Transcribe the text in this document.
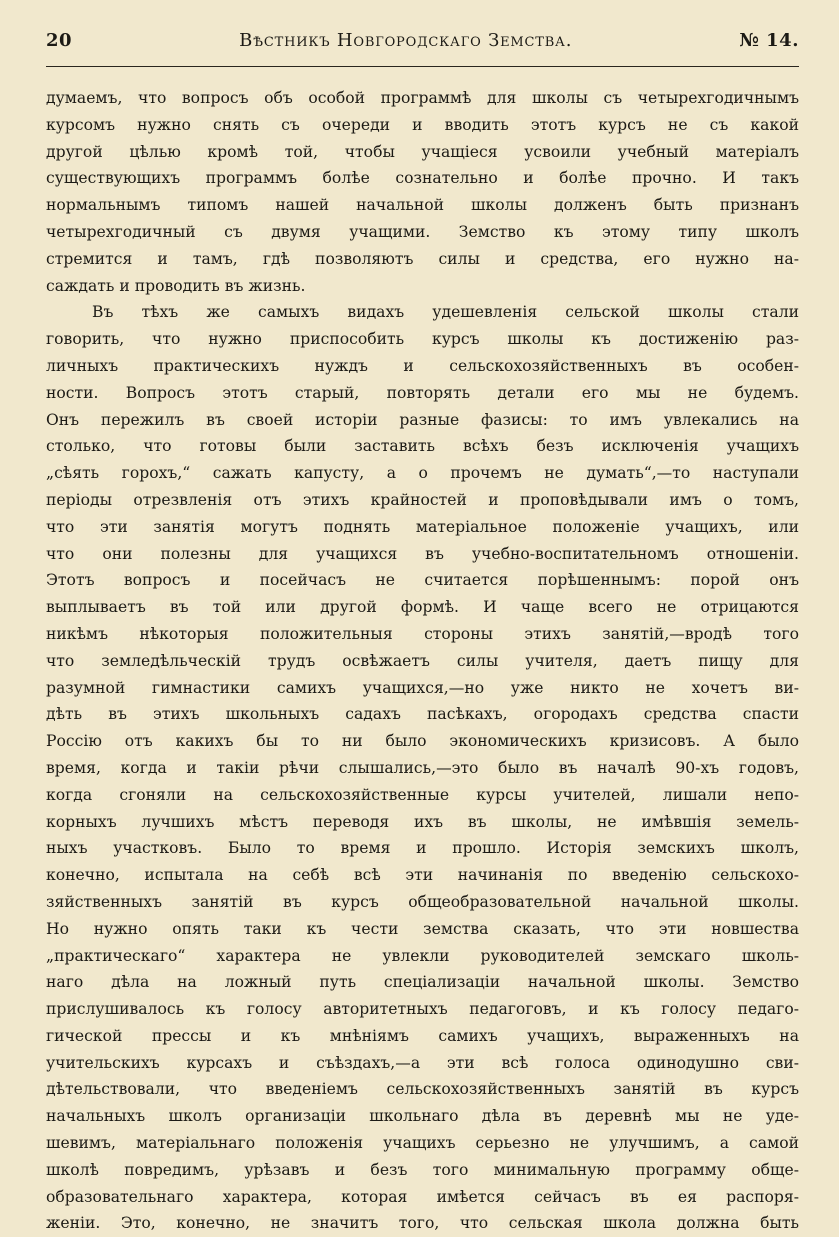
20	Вѣстникъ Новгородскаго Земства.	№ 14.
думаемъ, что вопросъ объ особой программѣ для школы съ четырехгодичнымъ
курсомъ нужно снять съ очереди и вводить этотъ курсъ не съ какой
другой цѣлью кромѣ той, чтобы учащiеся усвоили учебный матерiалъ
существующихъ программъ болѣе сознательно и болѣе прочно. И такъ
нормальнымъ типомъ нашей начальной школы долженъ быть признанъ
четырехгодичный съ двумя учащими. Земство къ этому типу школъ
стремится и тамъ, гдѣ позволяютъ силы и средства, его нужно на-
саждать и проводить въ жизнь.
Въ тѣхъ же самыхъ видахъ удешевленiя сельской школы стали
говорить, что нужно приспособить курсъ школы къ достиженiю раз-
личныхъ практическихъ нуждъ и сельскохозяйственныхъ въ особен-
ности. Вопросъ этотъ старый, повторять детали его мы не будемъ.
Онъ пережилъ въ своей исторiи разные фазисы: то имъ увлекались на
столько, что готовы были заставить всѣхъ безъ исключенiя учащихъ
„сѣять горохъ,“ сажать капусту, а о прочемъ не думать“,—то наступали
перiоды отрезвленiя отъ этихъ крайностей и проповѣдывали имъ о томъ,
что эти занятiя могутъ поднять матерiальное положенiе учащихъ, или
что они полезны для учащихся въ учебно-воспитательномъ отношенiи.
Этотъ вопросъ и посейчасъ не считается порѣшеннымъ: порой онъ
выплываетъ въ той или другой формѣ. И чаще всего не отрицаются
никѣмъ нѣкоторыя положительныя стороны этихъ занятiй,—вродѣ того
что земледѣльческiй трудъ освѣжаетъ силы учителя, даетъ пищу для
разумной гимнастики самихъ учащихся,—но уже никто не хочетъ ви-
дѣть въ этихъ школьныхъ садахъ пасѣкахъ, огородахъ средства спасти
Россiю отъ какихъ бы то ни было экономическихъ кризисовъ. А было
время, когда и такiи рѣчи слышались,—это было въ началѣ 90-хъ годовъ,
когда сгоняли на сельскохозяйственные курсы учителей, лишали непо-
корныхъ лучшихъ мѣстъ переводя ихъ въ школы, не имѣвшiя земель-
ныхъ участковъ. Было то время и прошло. Исторiя земскихъ школъ,
конечно, испытала на себѣ всѣ эти начинанiя по введенiю сельскохо-
зяйственныхъ занятiй въ курсъ общеобразовательной начальной школы.
Но нужно опять таки къ чести земства сказать, что эти новшества
„практическаго“ характера не увлекли руководителей земскаго школь-
наго дѣла на ложный путь спецiализацiи начальной школы. Земство
прислушивалось къ голосу авторитетныхъ педагоговъ, и къ голосу педаго-
гической прессы и къ мнѣнiямъ самихъ учащихъ, выраженныхъ на
учительскихъ курсахъ и съѣздахъ,—а эти всѣ голоса одинодушно сви-
дѣтельствовали, что введенiемъ сельскохозяйственныхъ занятiй въ курсъ
начальныхъ школъ организацiи школьнаго дѣла въ деревнѣ мы не уде-
шевимъ, матерiальнаго положенiя учащихъ серьезно не улучшимъ, а самой
школѣ повредимъ, урѣзавъ и безъ того минимальную программу обще-
образовательнаго характера, которая имѣется сейчасъ въ ея распоря-
женiи. Это, конечно, не значитъ того, что сельская школа должна быть
